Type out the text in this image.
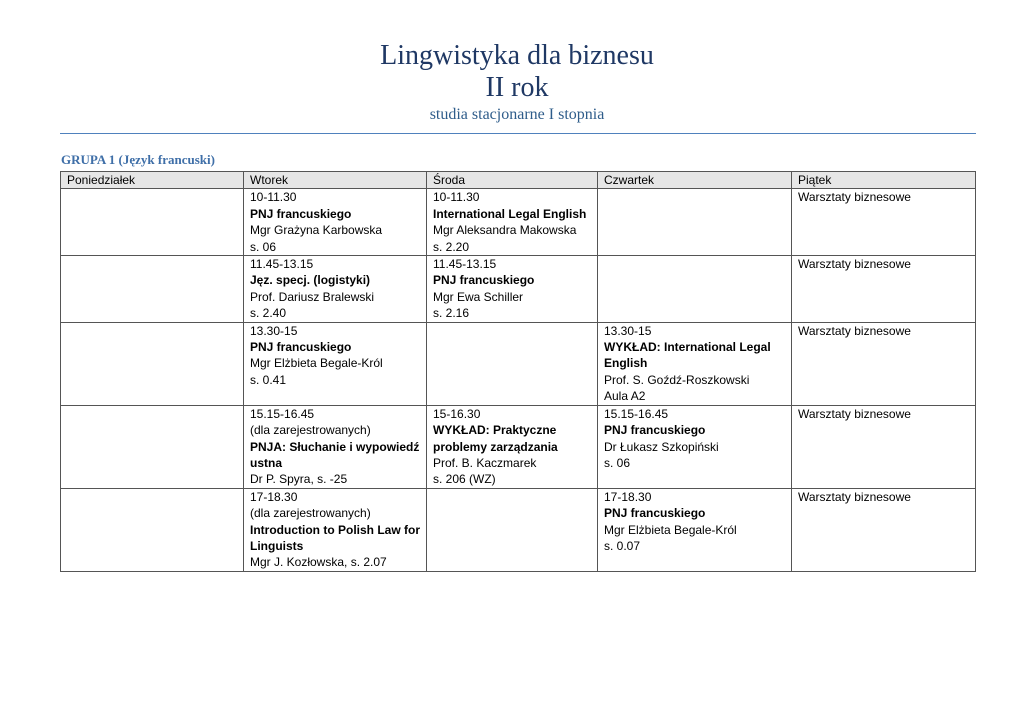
Lingwistyka dla biznesu
II rok
studia stacjonarne I stopnia
GRUPA 1 (Język francuski)
Poniedziałek	Wtorek	Środa	Czwartek	Piątek

	10-11.30
PNJ francuskiego
Mgr Grażyna Karbowska
s. 06	10-11.30
International Legal English
Mgr Aleksandra Makowska
s. 2.20		Warsztaty biznesowe

	11.45-13.15
Jęz. specj. (logistyki)
Prof. Dariusz Bralewski
s. 2.40	11.45-13.15
PNJ francuskiego
Mgr Ewa Schiller
s. 2.16		Warsztaty biznesowe

	13.30-15
PNJ francuskiego
Mgr Elżbieta Begale-Król
s. 0.41		13.30-15
WYKŁAD: International Legal
English
Prof. S. Goźdź-Roszkowski
Aula A2	Warsztaty biznesowe

	15.15-16.45
(dla zarejestrowanych)
PNJA: Słuchanie i wypowiedź
ustna
Dr P. Spyra, s. -25	15-16.30
WYKŁAD: Praktyczne
problemy zarządzania
Prof. B. Kaczmarek
s. 206 (WZ)	15.15-16.45
PNJ francuskiego
Dr Łukasz Szkopiński
s. 06	Warsztaty biznesowe

	17-18.30
(dla zarejestrowanych)
Introduction to Polish Law for
Linguists
Mgr J. Kozłowska, s. 2.07		17-18.30
PNJ francuskiego
Mgr Elżbieta Begale-Król
s. 0.07	Warsztaty biznesowe
